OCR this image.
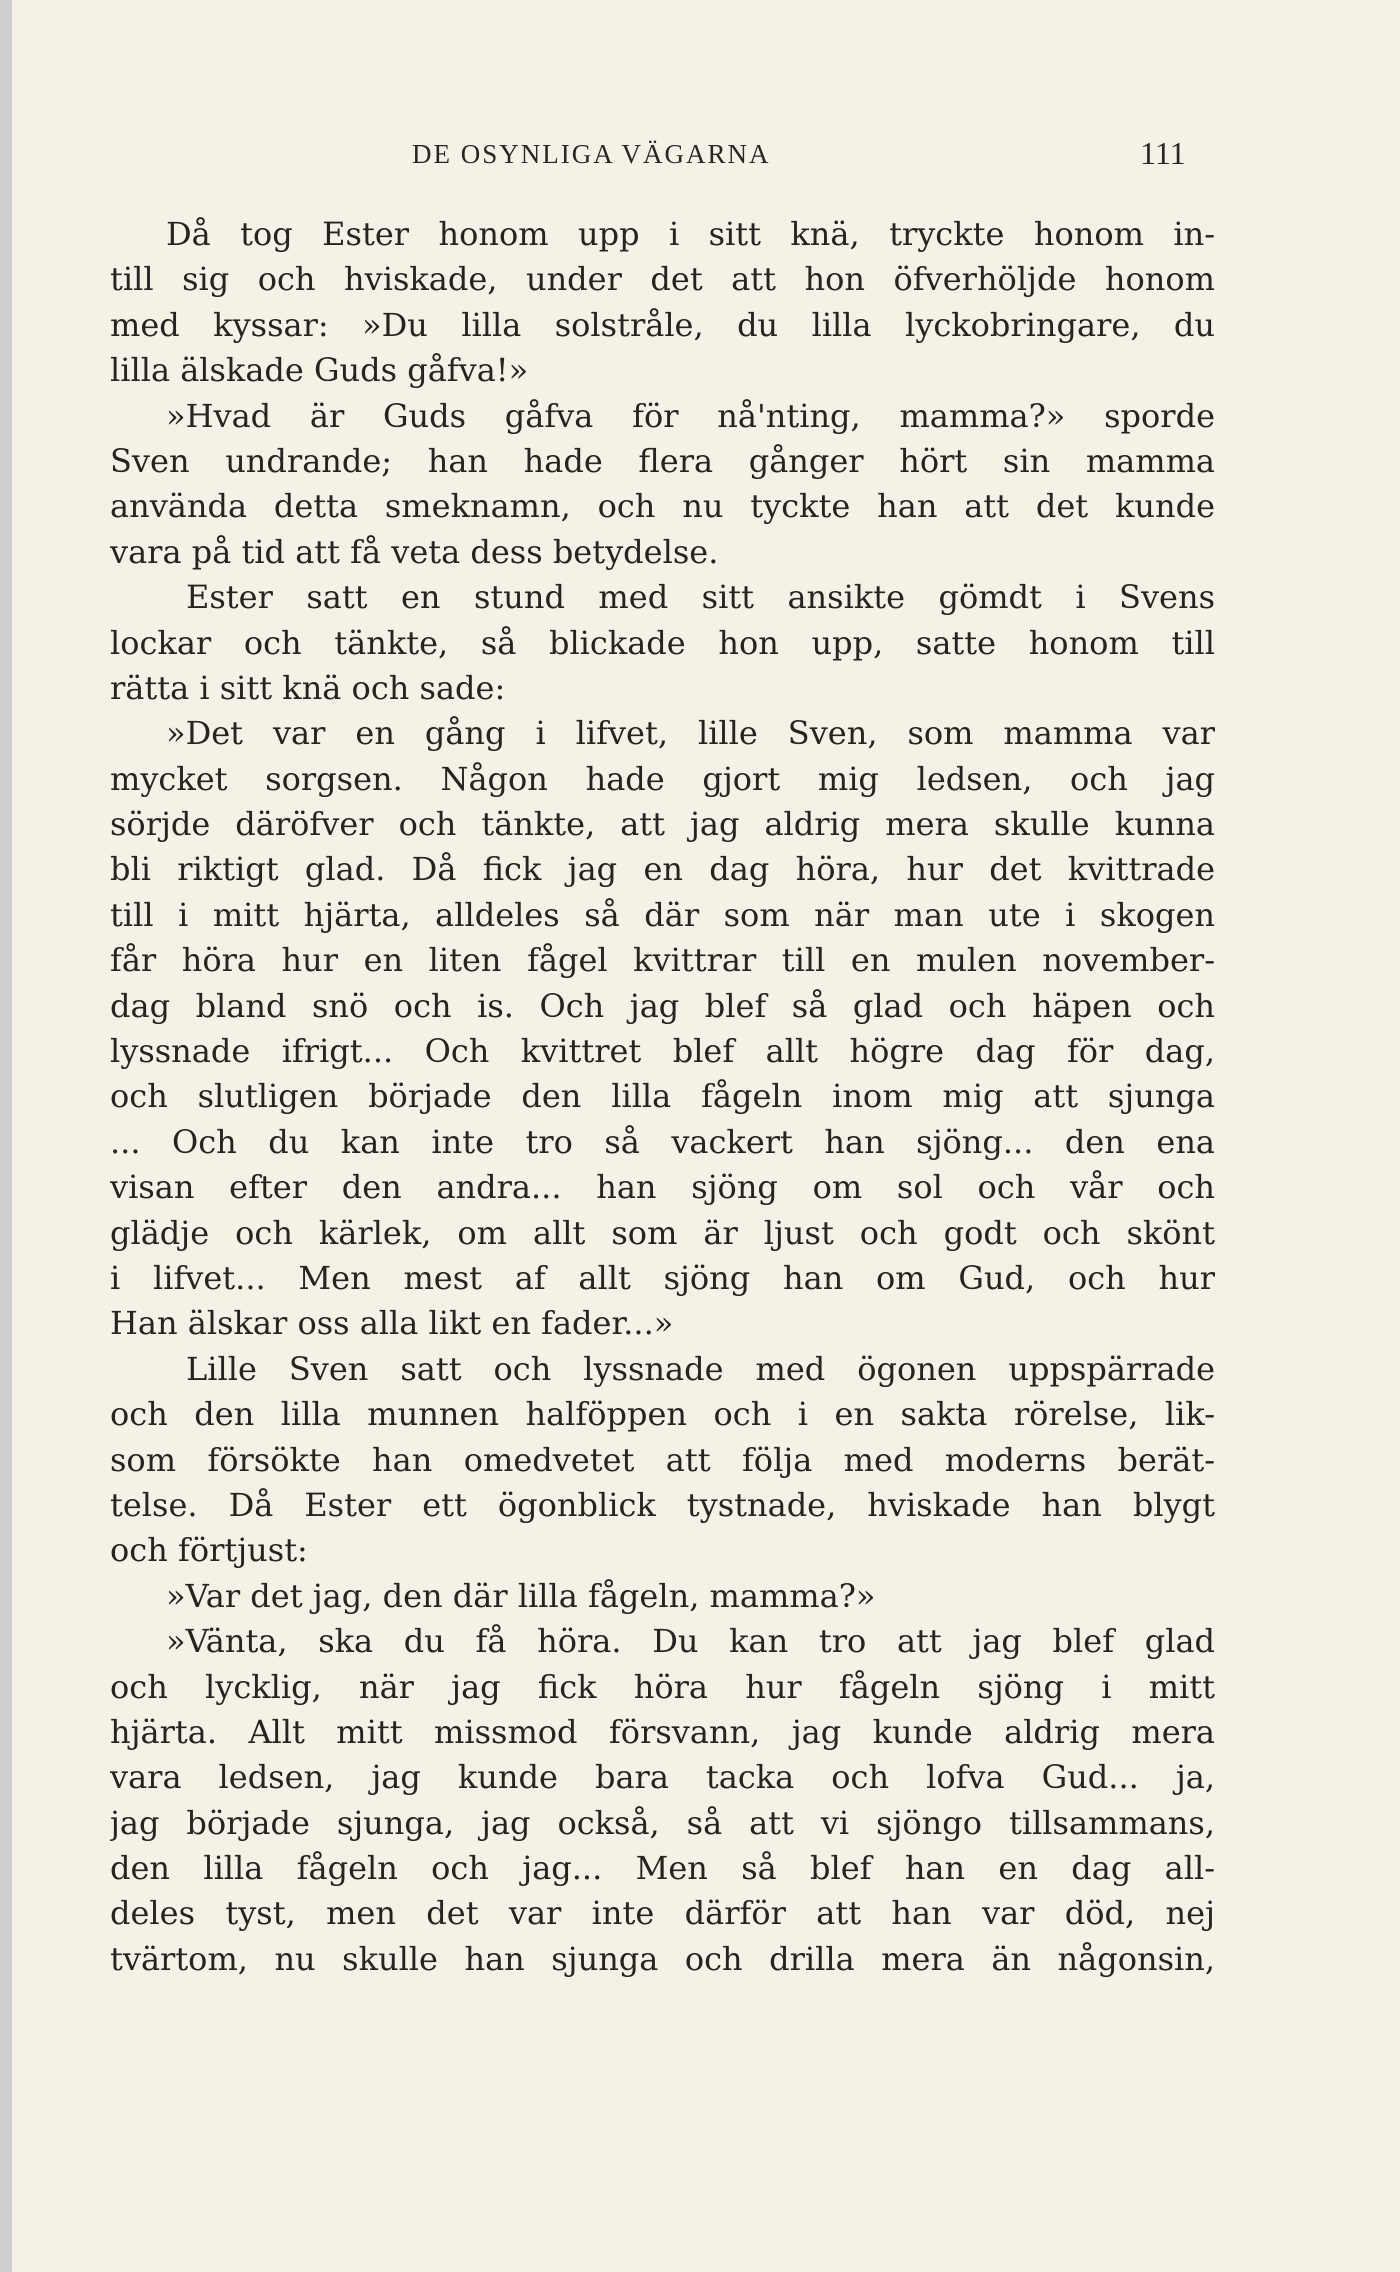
DE OSYNLIGA VÄGARNA	111
Då tog Ester honom upp i sitt knä, tryckte honom in-
till sig och hviskade, under det att hon öfverhöljde honom
med kyssar: »Du lilla solstråle, du lilla lyckobringare, du
lilla älskade Guds gåfva!»
»Hvad är Guds gåfva för nå'nting, mamma?» sporde
Sven undrande; han hade flera gånger hört sin mamma
använda detta smeknamn, och nu tyckte han att det kunde
vara på tid att få veta dess betydelse.
Ester satt en stund med sitt ansikte gömdt i Svens
lockar och tänkte, så blickade hon upp, satte honom till
rätta i sitt knä och sade:
»Det var en gång i lifvet, lille Sven, som mamma var
mycket sorgsen. Någon hade gjort mig ledsen, och jag
sörjde däröfver och tänkte, att jag aldrig mera skulle kunna
bli riktigt glad. Då fick jag en dag höra, hur det kvittrade
till i mitt hjärta, alldeles så där som när man ute i skogen
får höra hur en liten fågel kvittrar till en mulen november-
dag bland snö och is. Och jag blef så glad och häpen och
lyssnade ifrigt... Och kvittret blef allt högre dag för dag,
och slutligen började den lilla fågeln inom mig att sjunga
... Och du kan inte tro så vackert han sjöng... den ena
visan efter den andra... han sjöng om sol och vår och
glädje och kärlek, om allt som är ljust och godt och skönt
i lifvet... Men mest af allt sjöng han om Gud, och hur
Han älskar oss alla likt en fader...»
Lille Sven satt och lyssnade med ögonen uppspärrade
och den lilla munnen halföppen och i en sakta rörelse, lik-
som försökte han omedvetet att följa med moderns berät-
telse. Då Ester ett ögonblick tystnade, hviskade han blygt
och förtjust:
»Var det jag, den där lilla fågeln, mamma?»
»Vänta, ska du få höra. Du kan tro att jag blef glad
och lycklig, när jag fick höra hur fågeln sjöng i mitt
hjärta. Allt mitt missmod försvann, jag kunde aldrig mera
vara ledsen, jag kunde bara tacka och lofva Gud... ja,
jag började sjunga, jag också, så att vi sjöngo tillsammans,
den lilla fågeln och jag... Men så blef han en dag all-
deles tyst, men det var inte därför att han var död, nej
tvärtom, nu skulle han sjunga och drilla mera än någonsin,
